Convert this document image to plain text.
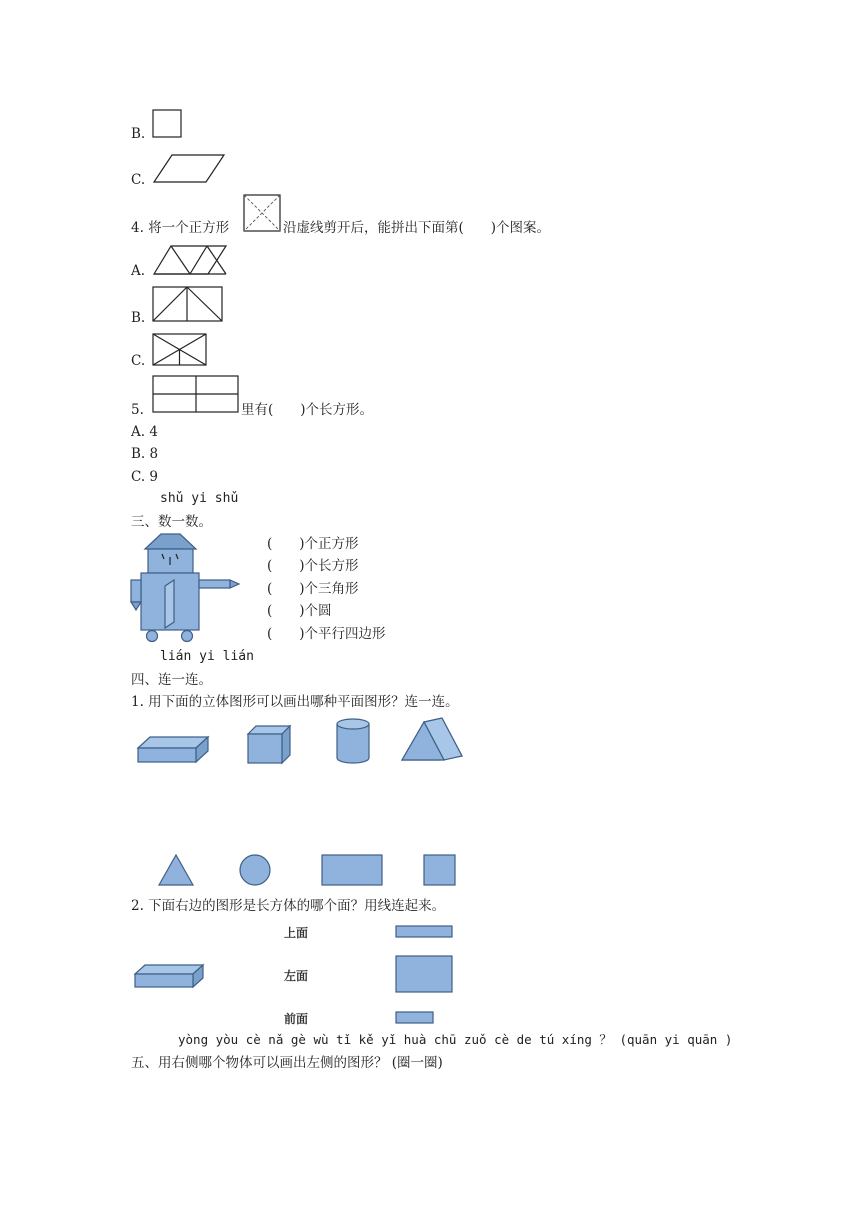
B.
C.
4. 将一个正方形	沿虚线剪开后，能拼出下面第(　　)个图案。
A.
B.
C.
5.	里有(　　)个长方形。
A. 4
B. 8
C. 9
shǔ yi shǔ
三、数一数。
(　　)个正方形
(　　)个长方形
(　　)个三角形
(　　)个圆
(　　)个平行四边形
lián yi lián
四、连一连。
1. 用下面的立体图形可以画出哪种平面图形？连一连。
2. 下面右边的图形是长方体的哪个面？用线连起来。
上面
左面
前面
yòng yòu cè nǎ gè wù tǐ kě yǐ huà chū zuǒ cè de tú xíng ？ (quān yi quān )
五、用右侧哪个物体可以画出左侧的图形？ (圈一圈)
